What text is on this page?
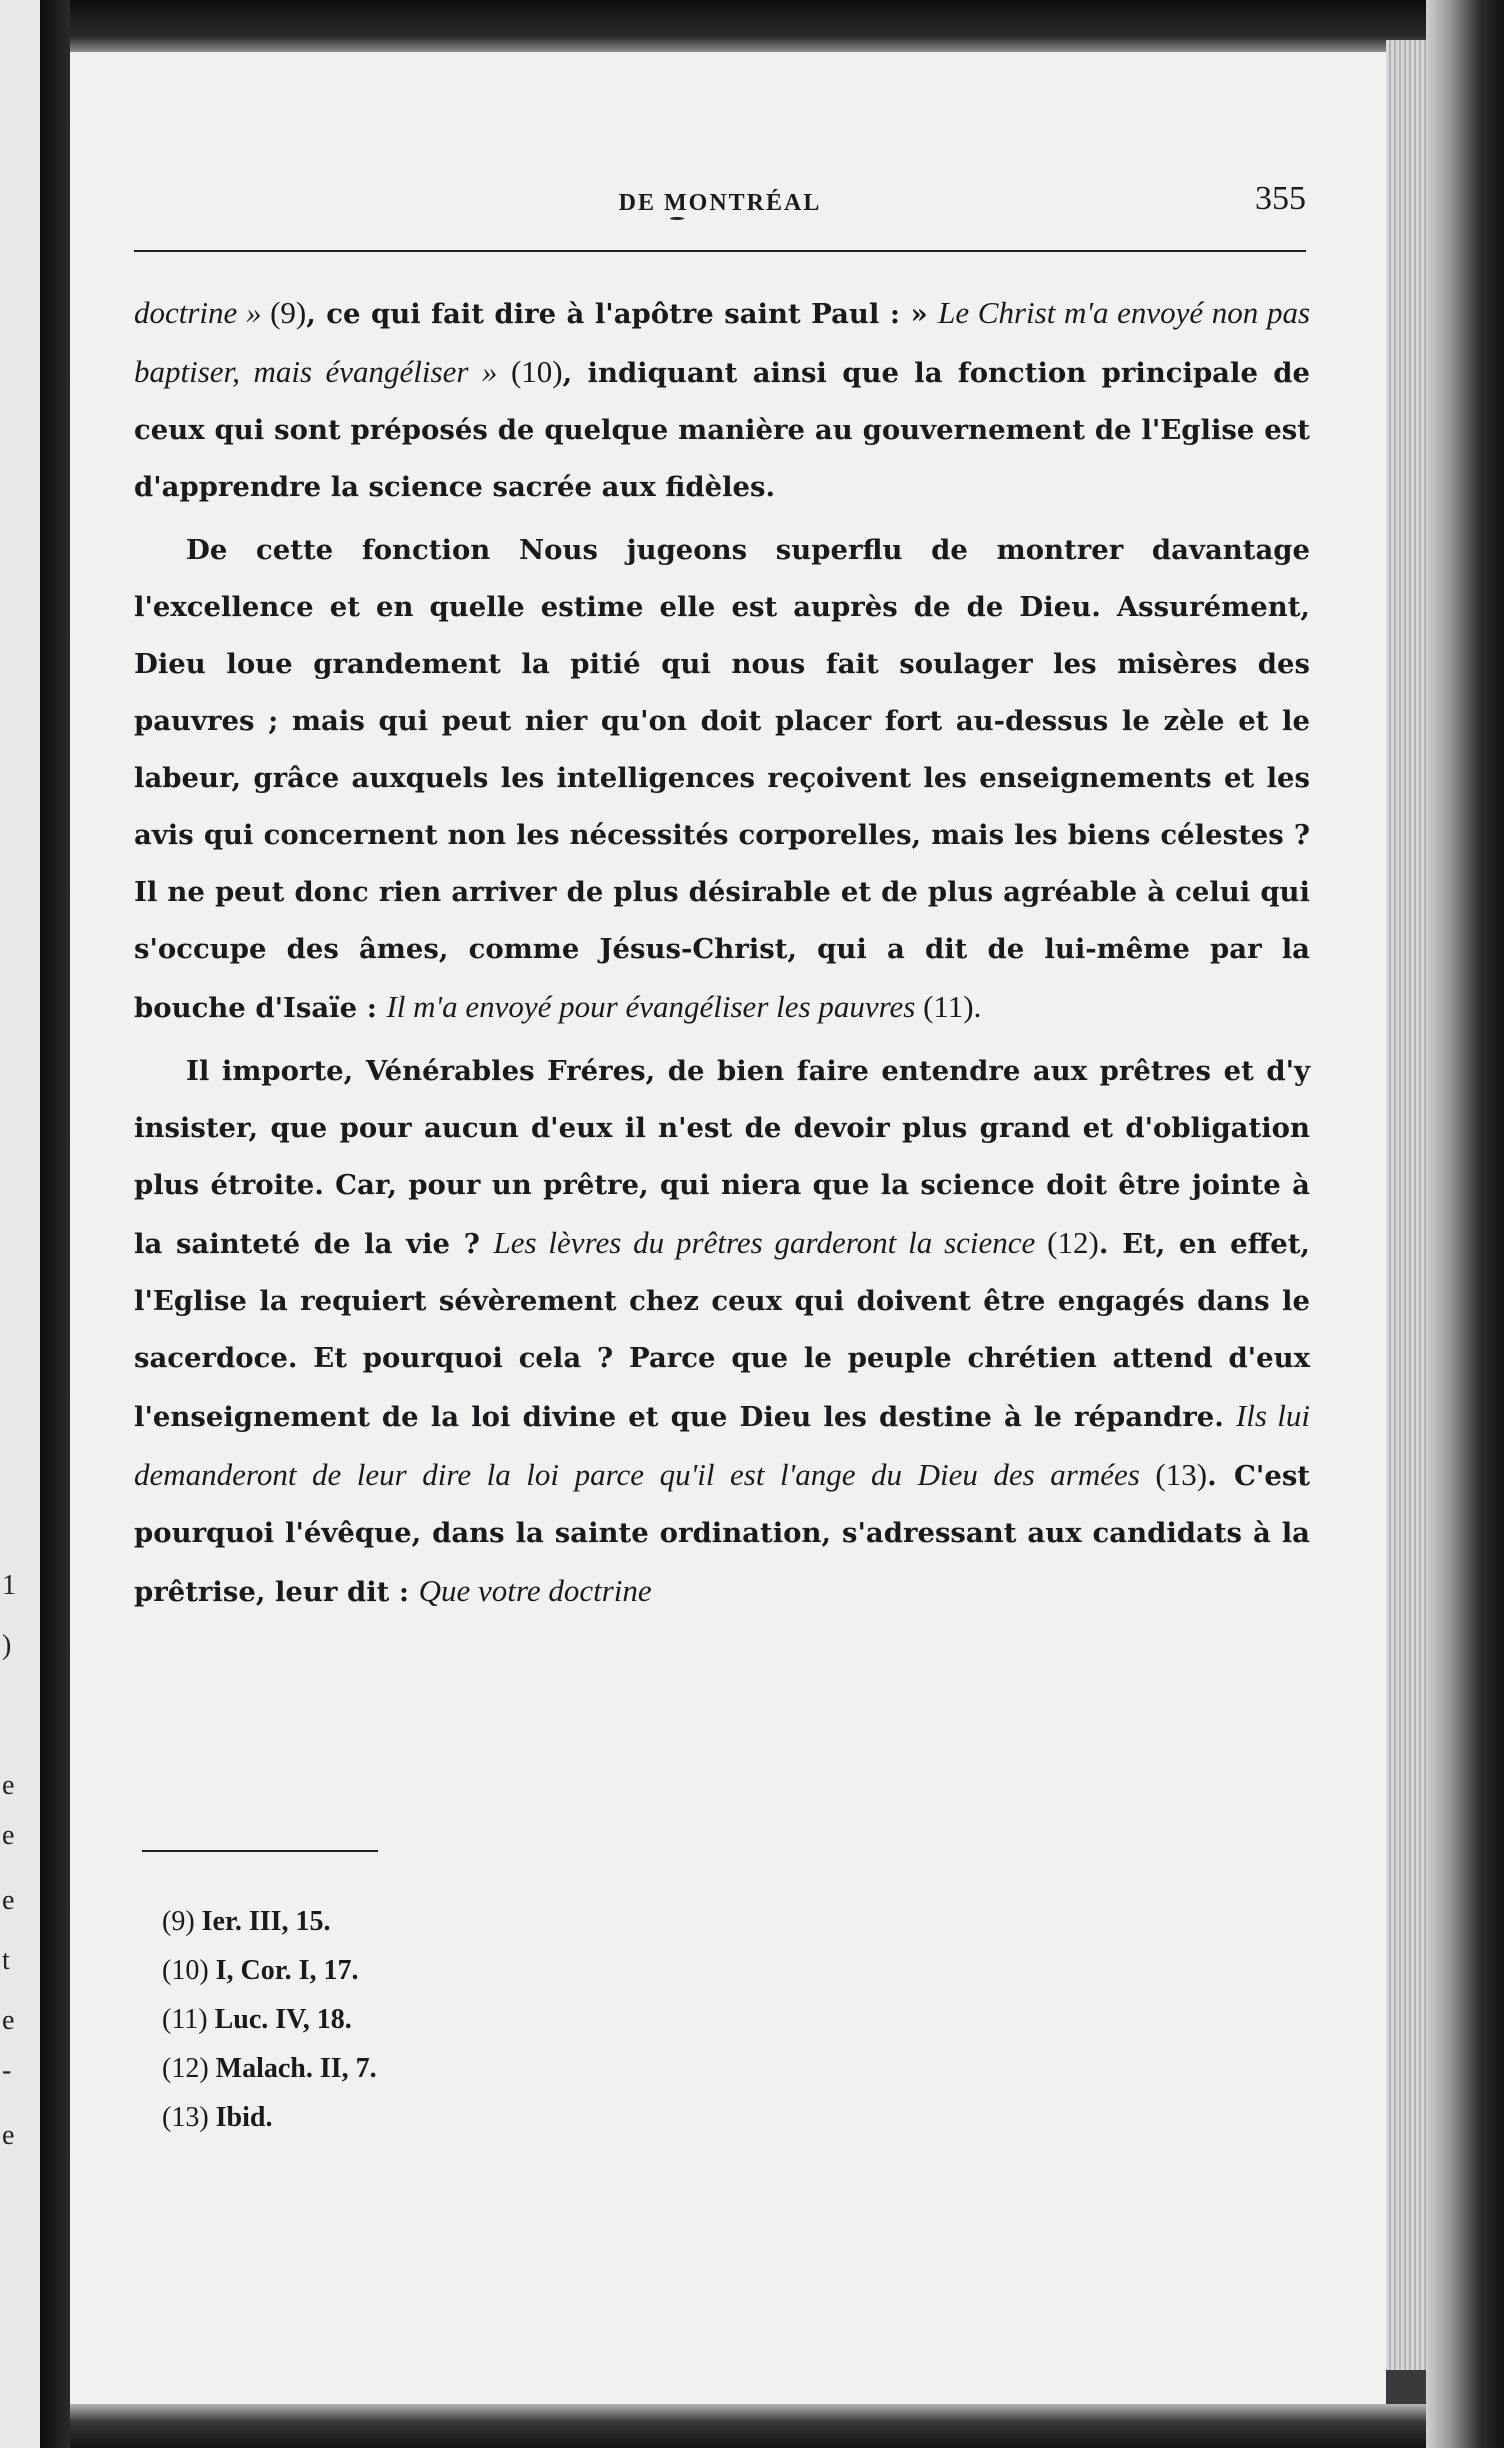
1
)
e
e
e
t
e
-
e
DE MONTRÉAL	355

doctrine » (9), ce qui fait dire à l'apôtre saint Paul : » Le Christ m'a envoyé non pas baptiser, mais évangéliser » (10), indiquant ainsi que la fonction principale de ceux qui sont préposés de quelque manière au gouvernement de l'Eglise est d'apprendre la science sacrée aux fidèles.

De cette fonction Nous jugeons superflu de montrer davantage l'excellence et en quelle estime elle est auprès de de Dieu. Assurément, Dieu loue grandement la pitié qui nous fait soulager les misères des pauvres ; mais qui peut nier qu'on doit placer fort au-dessus le zèle et le labeur, grâce auxquels les intelligences reçoivent les enseignements et les avis qui concernent non les nécessités corporelles, mais les biens célestes ? Il ne peut donc rien arriver de plus désirable et de plus agréable à celui qui s'occupe des âmes, comme Jésus-Christ, qui a dit de lui-même par la bouche d'Isaïe : Il m'a envoyé pour évangéliser les pauvres (11).

Il importe, Vénérables Fréres, de bien faire entendre aux prêtres et d'y insister, que pour aucun d'eux il n'est de devoir plus grand et d'obligation plus étroite. Car, pour un prêtre, qui niera que la science doit être jointe à la sainteté de la vie ? Les lèvres du prêtres garderont la science (12). Et, en effet, l'Eglise la requiert sévèrement chez ceux qui doivent être engagés dans le sacerdoce. Et pourquoi cela ? Parce que le peuple chrétien attend d'eux l'enseignement de la loi divine et que Dieu les destine à le répandre. Ils lui demanderont de leur dire la loi parce qu'il est l'ange du Dieu des armées (13). C'est pourquoi l'évêque, dans la sainte ordination, s'adressant aux candidats à la prêtrise, leur dit : Que votre doctrine

(9) Ier. III, 15.
(10) I, Cor. I, 17.
(11) Luc. IV, 18.
(12) Malach. II, 7.
(13) Ibid.
